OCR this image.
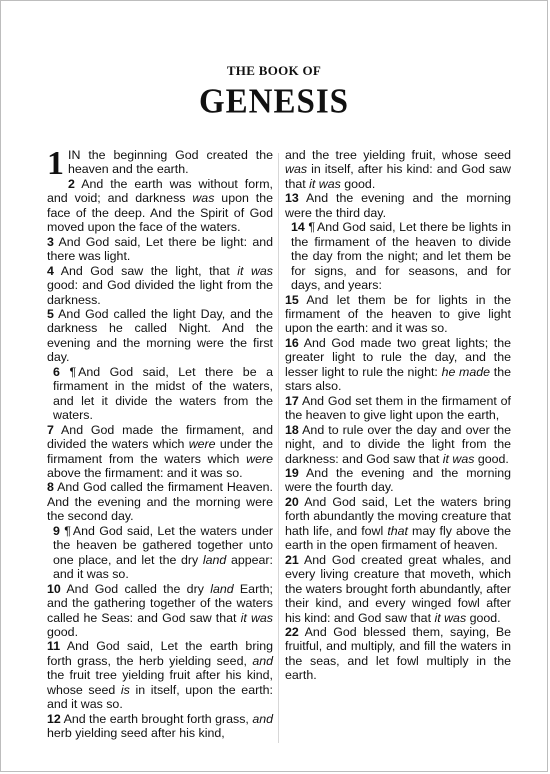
THE BOOK OF
GENESIS

1 IN the beginning God created the heaven and the earth.

2 And the earth was without form, and void; and darkness was upon the face of the deep. And the Spirit of God moved upon the face of the waters.

3 And God said, Let there be light: and there was light.

4 And God saw the light, that it was good: and God divided the light from the darkness.

5 And God called the light Day, and the darkness he called Night. And the evening and the morning were the first day.

6 ¶ And God said, Let there be a firmament in the midst of the waters, and let it divide the waters from the waters.

7 And God made the firmament, and divided the waters which were under the firmament from the waters which were above the firmament: and it was so.

8 And God called the firmament Heaven. And the evening and the morning were the second day.

9 ¶ And God said, Let the waters under the heaven be gathered together unto one place, and let the dry land appear: and it was so.

10 And God called the dry land Earth; and the gathering together of the waters called he Seas: and God saw that it was good.

11 And God said, Let the earth bring forth grass, the herb yielding seed, and the fruit tree yielding fruit after his kind, whose seed is in itself, upon the earth: and it was so.

12 And the earth brought forth grass, and herb yielding seed after his kind,

and the tree yielding fruit, whose seed was in itself, after his kind: and God saw that it was good.

13 And the evening and the morning were the third day.

14 ¶ And God said, Let there be lights in the firmament of the heaven to divide the day from the night; and let them be for signs, and for seasons, and for days, and years:

15 And let them be for lights in the firmament of the heaven to give light upon the earth: and it was so.

16 And God made two great lights; the greater light to rule the day, and the lesser light to rule the night: he made the stars also.

17 And God set them in the firmament of the heaven to give light upon the earth,

18 And to rule over the day and over the night, and to divide the light from the darkness: and God saw that it was good.

19 And the evening and the morning were the fourth day.

20 And God said, Let the waters bring forth abundantly the moving creature that hath life, and fowl that may fly above the earth in the open firmament of heaven.

21 And God created great whales, and every living creature that moveth, which the waters brought forth abundantly, after their kind, and every winged fowl after his kind: and God saw that it was good.

22 And God blessed them, saying, Be fruitful, and multiply, and fill the waters in the seas, and let fowl multiply in the earth.
